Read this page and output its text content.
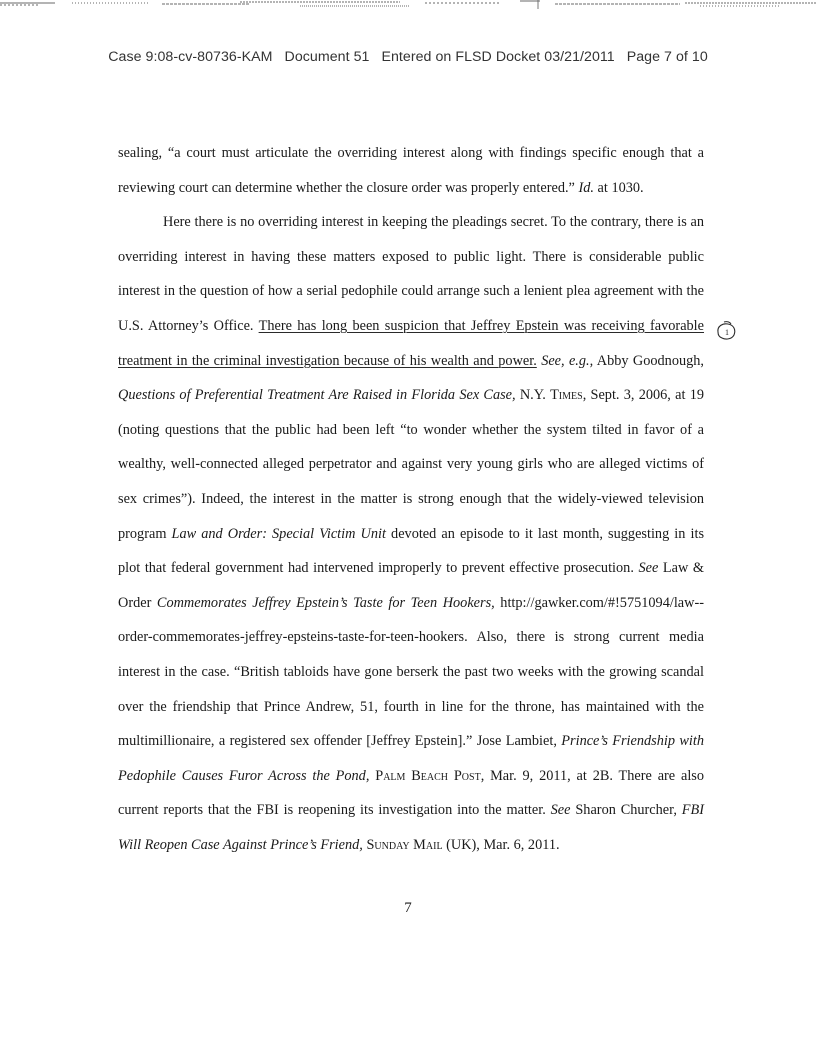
Case 9:08-cv-80736-KAM Document 51 Entered on FLSD Docket 03/21/2011 Page 7 of 10

sealing, “a court must articulate the overriding interest along with findings specific enough that a reviewing court can determine whether the closure order was properly entered.” Id. at 1030.

Here there is no overriding interest in keeping the pleadings secret. To the contrary, there is an overriding interest in having these matters exposed to public light. There is considerable public interest in the question of how a serial pedophile could arrange such a lenient plea agreement with the U.S. Attorney’s Office. There has long been suspicion that Jeffrey Epstein was receiving favorable treatment in the criminal investigation because of his wealth and power. See, e.g., Abby Goodnough, Questions of Preferential Treatment Are Raised in Florida Sex Case, N.Y. Times, Sept. 3, 2006, at 19 (noting questions that the public had been left “to wonder whether the system tilted in favor of a wealthy, well-connected alleged perpetrator and against very young girls who are alleged victims of sex crimes”). Indeed, the interest in the matter is strong enough that the widely-viewed television program Law and Order: Special Victim Unit devoted an episode to it last month, suggesting in its plot that federal government had intervened improperly to prevent effective prosecution. See Law & Order Commemorates Jeffrey Epstein’s Taste for Teen Hookers, http://gawker.com/#!5751094/law--order-commemorates-jeffrey-epsteins-taste-for-teen-hookers. Also, there is strong current media interest in the case. “British tabloids have gone berserk the past two weeks with the growing scandal over the friendship that Prince Andrew, 51, fourth in line for the throne, has maintained with the multimillionaire, a registered sex offender [Jeffrey Epstein].” Jose Lambiet, Prince’s Friendship with Pedophile Causes Furor Across the Pond, Palm Beach Post, Mar. 9, 2011, at 2B. There are also current reports that the FBI is reopening its investigation into the matter. See Sharon Churcher, FBI Will Reopen Case Against Prince’s Friend, Sunday Mail (UK), Mar. 6, 2011.

1
7
